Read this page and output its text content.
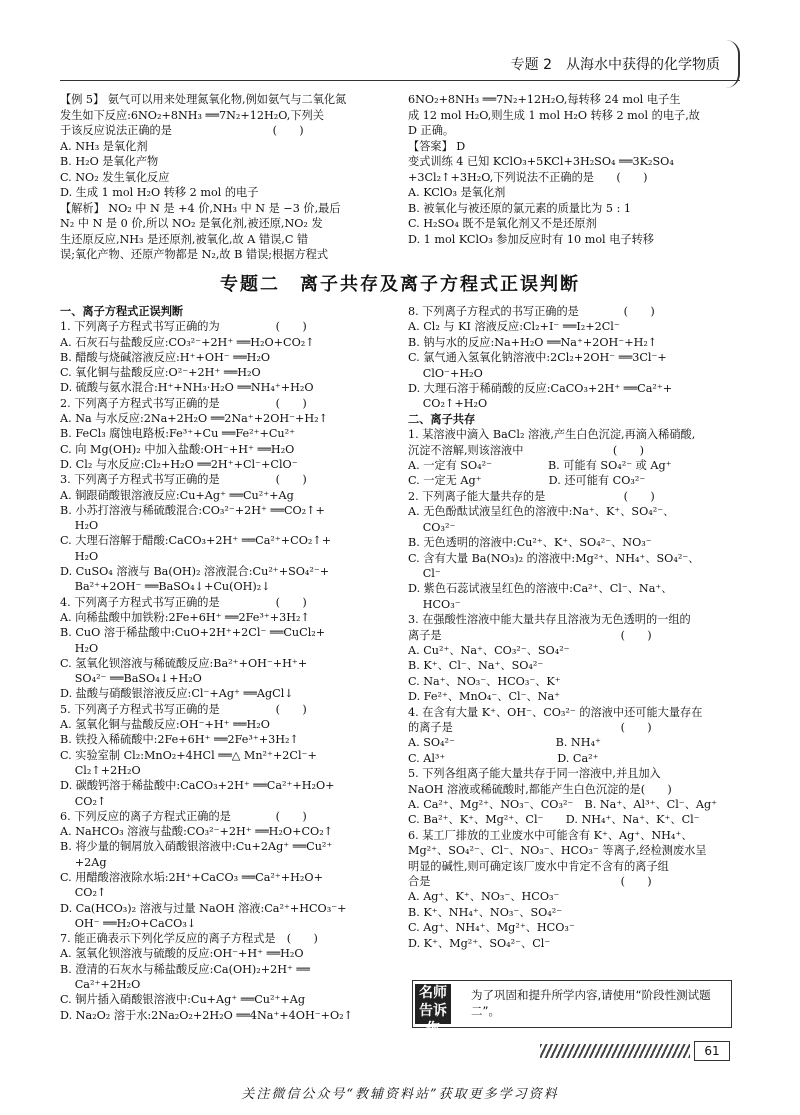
专题 2　从海水中获得的化学物质

【例 5】 氨气可以用来处理氮氧化物,例如氨气与二氧化氮

发生如下反应:6NO₂+8NH₃ ══7N₂+12H₂O,下列关

于该反应说法正确的是　　　　　　　　　(　　)

A. NH₃ 是氧化剂

B. H₂O 是氧化产物

C. NO₂ 发生氧化反应

D. 生成 1 mol H₂O 转移 2 mol 的电子

【解析】 NO₂ 中 N 是 +4 价,NH₃ 中 N 是 −3 价,最后

N₂ 中 N 是 0 价,所以 NO₂ 是氧化剂,被还原,NO₂ 发

生还原反应,NH₃ 是还原剂,被氧化,故 A 错误,C 错

误;氧化产物、还原产物都是 N₂,故 B 错误;根据方程式

6NO₂+8NH₃ ══7N₂+12H₂O,每转移 24 mol 电子生

成 12 mol H₂O,则生成 1 mol H₂O 转移 2 mol 的电子,故

D 正确。

【答案】 D

变式训练 4 已知 KClO₃+5KCl+3H₂SO₄ ══3K₂SO₄

+3Cl₂↑+3H₂O,下列说法不正确的是　　(　　)

A. KClO₃ 是氧化剂

B. 被氧化与被还原的氯元素的质量比为 5 : 1

C. H₂SO₄ 既不是氧化剂又不是还原剂

D. 1 mol KClO₃ 参加反应时有 10 mol 电子转移

专题二　离子共存及离子方程式正误判断

一、离子方程式正误判断

1. 下列离子方程式书写正确的为　　　　　(　　)

A. 石灰石与盐酸反应:CO₃²⁻+2H⁺ ══H₂O+CO₂↑

B. 醋酸与烧碱溶液反应:H⁺+OH⁻ ══H₂O

C. 氧化铜与盐酸反应:O²⁻+2H⁺ ══H₂O

D. 硫酸与氨水混合:H⁺+NH₃·H₂O ══NH₄⁺+H₂O

2. 下列离子方程式书写正确的是　　　　　(　　)

A. Na 与水反应:2Na+2H₂O ══2Na⁺+2OH⁻+H₂↑

B. FeCl₃ 腐蚀电路板:Fe³⁺+Cu ══Fe²⁺+Cu²⁺

C. 向 Mg(OH)₂ 中加入盐酸:OH⁻+H⁺ ══H₂O

D. Cl₂ 与水反应:Cl₂+H₂O ══2H⁺+Cl⁻+ClO⁻

3. 下列离子方程式书写正确的是　　　　　(　　)

A. 铜跟硝酸银溶液反应:Cu+Ag⁺ ══Cu²⁺+Ag

B. 小苏打溶液与稀硫酸混合:CO₃²⁻+2H⁺ ══CO₂↑+

　 H₂O

C. 大理石溶解于醋酸:CaCO₃+2H⁺ ══Ca²⁺+CO₂↑+

　 H₂O

D. CuSO₄ 溶液与 Ba(OH)₂ 溶液混合:Cu²⁺+SO₄²⁻+

　 Ba²⁺+2OH⁻ ══BaSO₄↓+Cu(OH)₂↓

4. 下列离子方程式书写正确的是　　　　　(　　)

A. 向稀盐酸中加铁粉:2Fe+6H⁺ ══2Fe³⁺+3H₂↑

B. CuO 溶于稀盐酸中:CuO+2H⁺+2Cl⁻ ══CuCl₂+

　 H₂O

C. 氢氧化钡溶液与稀硫酸反应:Ba²⁺+OH⁻+H⁺+

　 SO₄²⁻ ══BaSO₄↓+H₂O

D. 盐酸与硝酸银溶液反应:Cl⁻+Ag⁺ ══AgCl↓

5. 下列离子方程式书写正确的是　　　　　(　　)

A. 氢氧化铜与盐酸反应:OH⁻+H⁺ ══H₂O

B. 铁投入稀硫酸中:2Fe+6H⁺ ══2Fe³⁺+3H₂↑

C. 实验室制 Cl₂:MnO₂+4HCl ══△ Mn²⁺+2Cl⁻+

　 Cl₂↑+2H₂O

D. 碳酸钙溶于稀盐酸中:CaCO₃+2H⁺ ══Ca²⁺+H₂O+

　 CO₂↑

6. 下列反应的离子方程式正确的是　　　　(　　)

A. NaHCO₃ 溶液与盐酸:CO₃²⁻+2H⁺ ══H₂O+CO₂↑

B. 将少量的铜屑放入硝酸银溶液中:Cu+2Ag⁺ ══Cu²⁺

　 +2Ag

C. 用醋酸溶液除水垢:2H⁺+CaCO₃ ══Ca²⁺+H₂O+

　 CO₂↑

D. Ca(HCO₃)₂ 溶液与过量 NaOH 溶液:Ca²⁺+HCO₃⁻+

　 OH⁻ ══H₂O+CaCO₃↓

7. 能正确表示下列化学反应的离子方程式是　(　　)

A. 氢氧化钡溶液与硫酸的反应:OH⁻+H⁺ ══H₂O

B. 澄清的石灰水与稀盐酸反应:Ca(OH)₂+2H⁺ ══

　 Ca²⁺+2H₂O

C. 铜片插入硝酸银溶液中:Cu+Ag⁺ ══Cu²⁺+Ag

D. Na₂O₂ 溶于水:2Na₂O₂+2H₂O ══4Na⁺+4OH⁻+O₂↑

8. 下列离子方程式的书写正确的是　　　　(　　)

A. Cl₂ 与 KI 溶液反应:Cl₂+I⁻ ══I₂+2Cl⁻

B. 钠与水的反应:Na+H₂O ══Na⁺+2OH⁻+H₂↑

C. 氯气通入氢氧化钠溶液中:2Cl₂+2OH⁻ ══3Cl⁻+

　 ClO⁻+H₂O

D. 大理石溶于稀硝酸的反应:CaCO₃+2H⁺ ══Ca²⁺+

　 CO₂↑+H₂O

二、离子共存

1. 某溶液中滴入 BaCl₂ 溶液,产生白色沉淀,再滴入稀硝酸,

沉淀不溶解,则该溶液中　　　　　　　　(　　)

A. 一定有 SO₄²⁻　　　　　B. 可能有 SO₄²⁻ 或 Ag⁺

C. 一定无 Ag⁺　　　　　　D. 还可能有 CO₃²⁻

2. 下列离子能大量共存的是　　　　　　　(　　)

A. 无色酚酞试液呈红色的溶液中:Na⁺、K⁺、SO₄²⁻、

　 CO₃²⁻

B. 无色透明的溶液中:Cu²⁺、K⁺、SO₄²⁻、NO₃⁻

C. 含有大量 Ba(NO₃)₂ 的溶液中:Mg²⁺、NH₄⁺、SO₄²⁻、

　 Cl⁻

D. 紫色石蕊试液呈红色的溶液中:Ca²⁺、Cl⁻、Na⁺、

　 HCO₃⁻

3. 在强酸性溶液中能大量共存且溶液为无色透明的一组的

离子是　　　　　　　　　　　　　　　　(　　)

A. Cu²⁺、Na⁺、CO₃²⁻、SO₄²⁻

B. K⁺、Cl⁻、Na⁺、SO₄²⁻

C. Na⁺、NO₃⁻、HCO₃⁻、K⁺

D. Fe²⁺、MnO₄⁻、Cl⁻、Na⁺

4. 在含有大量 K⁺、OH⁻、CO₃²⁻ 的溶液中还可能大量存在

的离子是　　　　　　　　　　　　　　　(　　)

A. SO₄²⁻　　　　　　　　　B. NH₄⁺

C. Al³⁺　　　　　　　　　　D. Ca²⁺

5. 下列各组离子能大量共存于同一溶液中,并且加入

NaOH 溶液或稀硫酸时,都能产生白色沉淀的是(　　)

A. Ca²⁺、Mg²⁺、NO₃⁻、CO₃²⁻　B. Na⁺、Al³⁺、Cl⁻、Ag⁺

C. Ba²⁺、K⁺、Mg²⁺、Cl⁻　　D. NH₄⁺、Na⁺、K⁺、Cl⁻

6. 某工厂排放的工业废水中可能含有 K⁺、Ag⁺、NH₄⁺、

Mg²⁺、SO₄²⁻、Cl⁻、NO₃⁻、HCO₃⁻ 等离子,经检测废水呈

明显的碱性,则可确定该厂废水中肯定不含有的离子组

合是　　　　　　　　　　　　　　　　　(　　)

A. Ag⁺、K⁺、NO₃⁻、HCO₃⁻

B. K⁺、NH₄⁺、NO₃⁻、SO₄²⁻

C. Ag⁺、NH₄⁺、Mg²⁺、HCO₃⁻

D. K⁺、Mg²⁺、SO₄²⁻、Cl⁻

名师告诉你
为了巩固和提升所学内容,请使用“阶段性测试题二”。
61
关注微信公众号“教辅资料站”获取更多学习资料
